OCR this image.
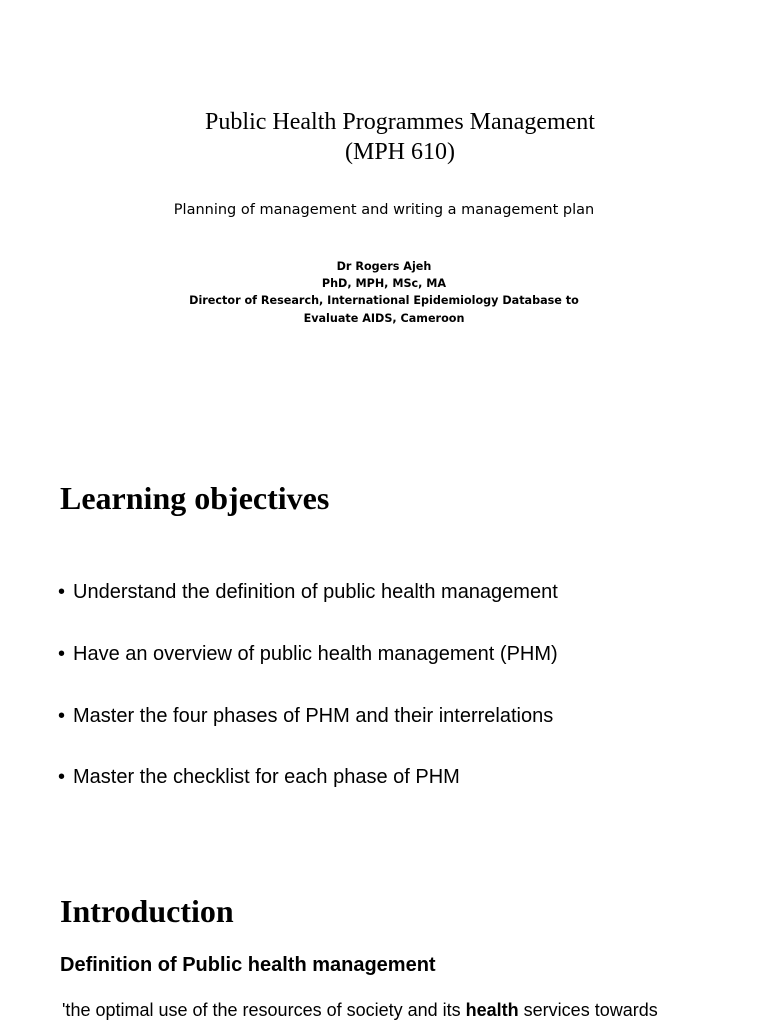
Public Health Programmes Management
(MPH 610)
Planning of management and writing a management plan
Dr Rogers Ajeh
PhD, MPH, MSc, MA
Director of Research, International Epidemiology Database to
Evaluate AIDS, Cameroon
Learning objectives
• Understand the definition of public health management
• Have an overview of public health management (PHM)
• Master the four phases of PHM and their interrelations
• Master the checklist for each phase of PHM
Introduction
Definition of Public health management
'the optimal use of the resources of society and its health services towards
